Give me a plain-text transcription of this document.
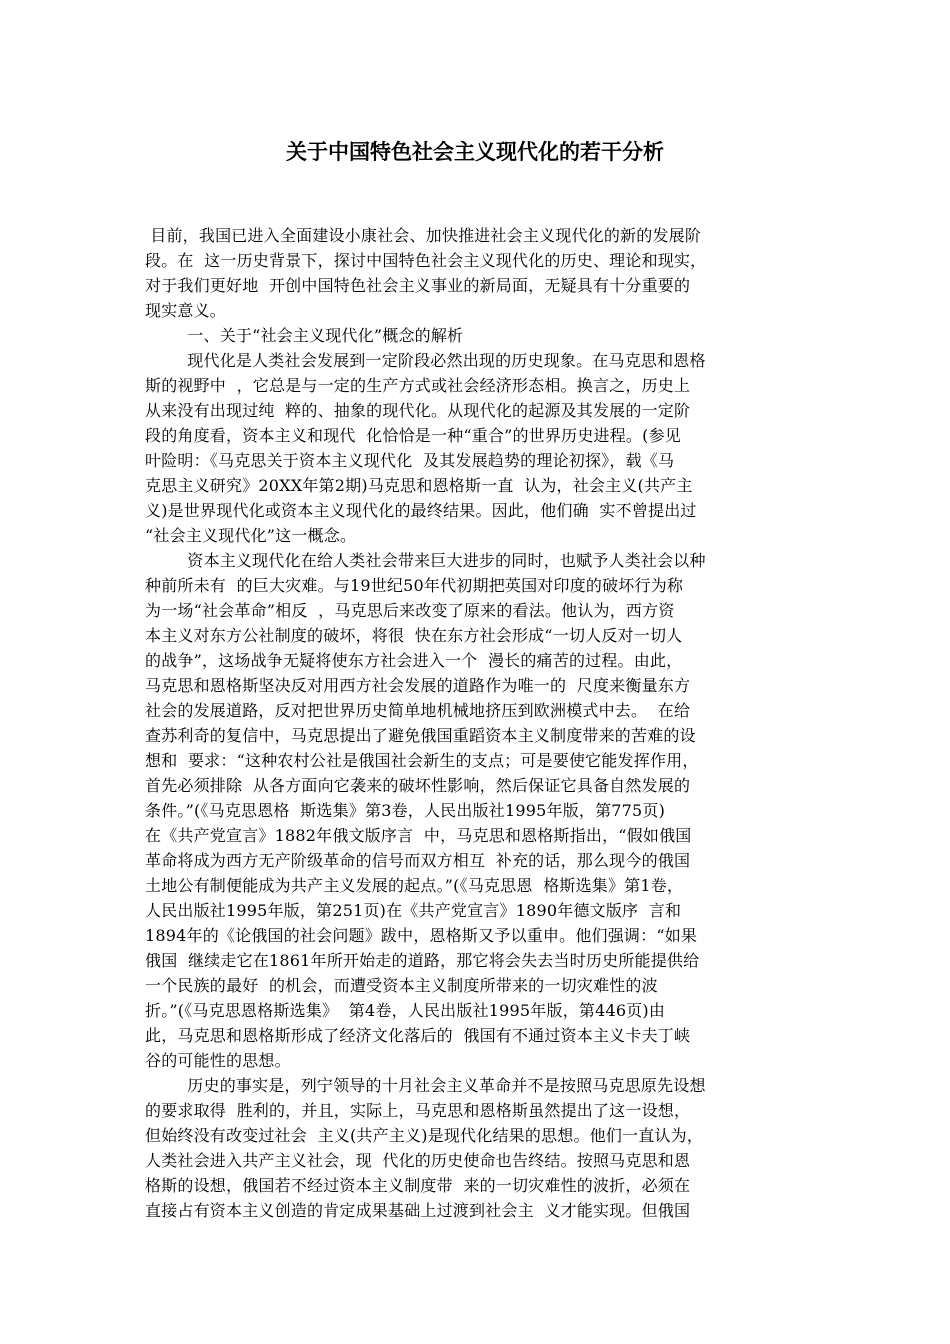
关于中国特色社会主义现代化的若干分析
目前，我国已进入全面建设小康社会、加快推进社会主义现代化的新的发展阶
段。在  这一历史背景下，探讨中国特色社会主义现代化的历史、理论和现实，
对于我们更好地  开创中国特色社会主义事业的新局面，无疑具有十分重要的
现实意义。
一、关于“社会主义现代化”概念的解析
现代化是人类社会发展到一定阶段必然出现的历史现象。在马克思和恩格
斯的视野中  ，它总是与一定的生产方式或社会经济形态相。换言之，历史上
从来没有出现过纯  粹的、抽象的现代化。从现代化的起源及其发展的一定阶
段的角度看，资本主义和现代  化恰恰是一种“重合”的世界历史进程。(参见
叶险明：《马克思关于资本主义现代化  及其发展趋势的理论初探》，载《马
克思主义研究》20XX年第2期)马克思和恩格斯一直  认为，社会主义(共产主
义)是世界现代化或资本主义现代化的最终结果。因此，他们确  实不曾提出过
“社会主义现代化”这一概念。
资本主义现代化在给人类社会带来巨大进步的同时，也赋予人类社会以种
种前所未有  的巨大灾难。与19世纪50年代初期把英国对印度的破坏行为称
为一场“社会革命”相反  ，马克思后来改变了原来的看法。他认为，西方资
本主义对东方公社制度的破坏，将很  快在东方社会形成“一切人反对一切人
的战争”，这场战争无疑将使东方社会进入一个  漫长的痛苦的过程。由此，
马克思和恩格斯坚决反对用西方社会发展的道路作为唯一的  尺度来衡量东方
社会的发展道路，反对把世界历史简单地机械地挤压到欧洲模式中去。  在给
查苏利奇的复信中，马克思提出了避免俄国重蹈资本主义制度带来的苦难的设
想和  要求：“这种农村公社是俄国社会新生的支点；可是要使它能发挥作用，
首先必须排除  从各方面向它袭来的破坏性影响，然后保证它具备自然发展的
条件。”(《马克思恩格  斯选集》第3卷，人民出版社1995年版，第775页)
在《共产党宣言》1882年俄文版序言  中，马克思和恩格斯指出，“假如俄国
革命将成为西方无产阶级革命的信号而双方相互  补充的话，那么现今的俄国
土地公有制便能成为共产主义发展的起点。”(《马克思恩  格斯选集》第1卷，
人民出版社1995年版，第251页)在《共产党宣言》1890年德文版序  言和
1894年的《论俄国的社会问题》跋中，恩格斯又予以重申。他们强调：“如果
俄国  继续走它在1861年所开始走的道路，那它将会失去当时历史所能提供给
一个民族的最好  的机会，而遭受资本主义制度所带来的一切灾难性的波
折。”(《马克思恩格斯选集》  第4卷，人民出版社1995年版，第446页)由
此，马克思和恩格斯形成了经济文化落后的  俄国有不通过资本主义卡夫丁峡
谷的可能性的思想。
历史的事实是，列宁领导的十月社会主义革命并不是按照马克思原先设想
的要求取得  胜利的，并且，实际上，马克思和恩格斯虽然提出了这一设想，
但始终没有改变过社会  主义(共产主义)是现代化结果的思想。他们一直认为，
人类社会进入共产主义社会，现  代化的历史使命也告终结。按照马克思和恩
格斯的设想，俄国若不经过资本主义制度带  来的一切灾难性的波折，必须在
直接占有资本主义创造的肯定成果基础上过渡到社会主  义才能实现。但俄国
